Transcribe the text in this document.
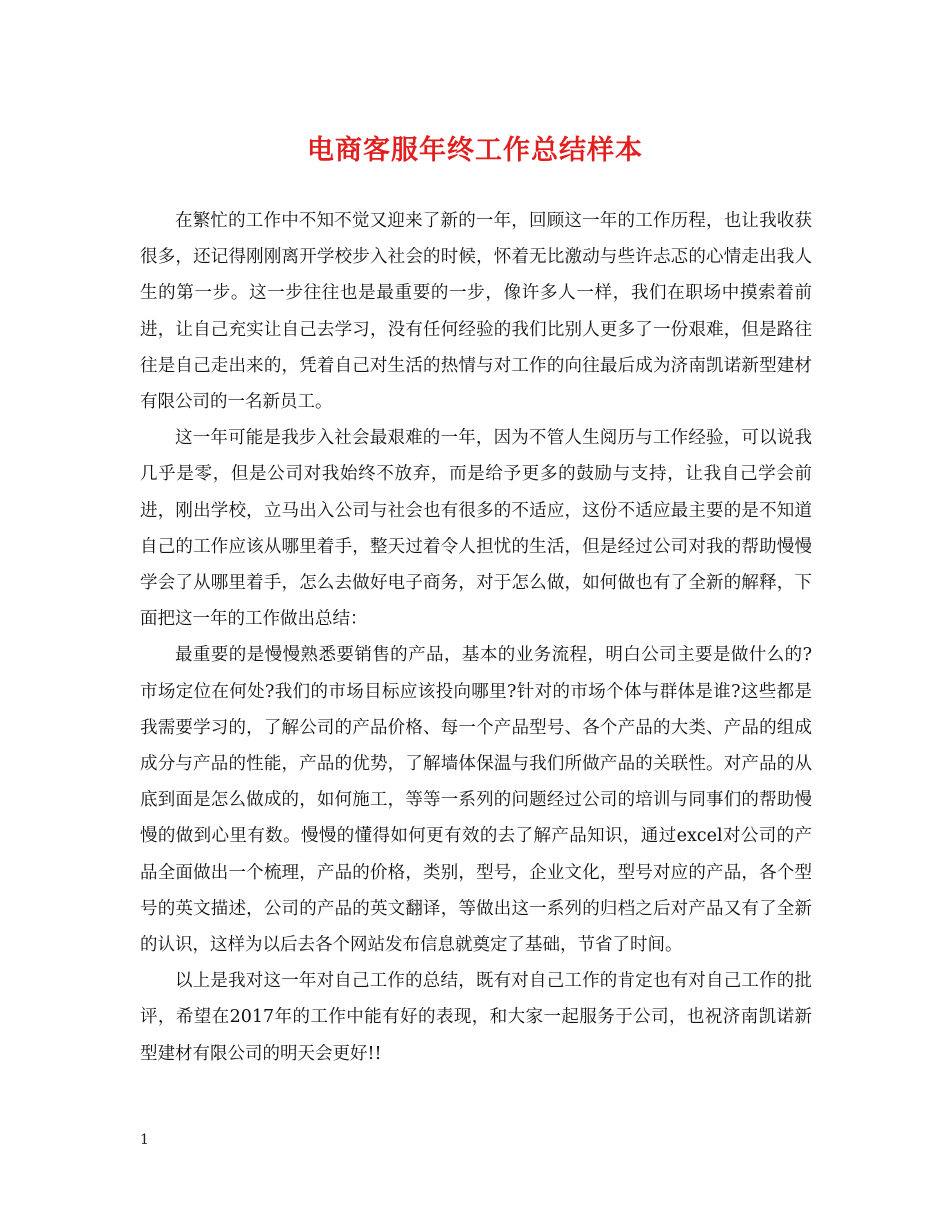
电商客服年终工作总结样本

在繁忙的工作中不知不觉又迎来了新的一年，回顾这一年的工作历程，也让我收获很多，还记得刚刚离开学校步入社会的时候，怀着无比激动与些许忐忑的心情走出我人生的第一步。这一步往往也是最重要的一步，像许多人一样，我们在职场中摸索着前进，让自己充实让自己去学习，没有任何经验的我们比别人更多了一份艰难，但是路往往是自己走出来的，凭着自己对生活的热情与对工作的向往最后成为济南凯诺新型建材有限公司的一名新员工。

这一年可能是我步入社会最艰难的一年，因为不管人生阅历与工作经验，可以说我几乎是零，但是公司对我始终不放弃，而是给予更多的鼓励与支持，让我自己学会前进，刚出学校，立马出入公司与社会也有很多的不适应，这份不适应最主要的是不知道自己的工作应该从哪里着手，整天过着令人担忧的生活，但是经过公司对我的帮助慢慢学会了从哪里着手，怎么去做好电子商务，对于怎么做，如何做也有了全新的解释，下面把这一年的工作做出总结：

最重要的是慢慢熟悉要销售的产品，基本的业务流程，明白公司主要是做什么的?市场定位在何处?我们的市场目标应该投向哪里?针对的市场个体与群体是谁?这些都是我需要学习的，了解公司的产品价格、每一个产品型号、各个产品的大类、产品的组成成分与产品的性能，产品的优势，了解墙体保温与我们所做产品的关联性。对产品的从底到面是怎么做成的，如何施工，等等一系列的问题经过公司的培训与同事们的帮助慢慢的做到心里有数。慢慢的懂得如何更有效的去了解产品知识，通过excel对公司的产品全面做出一个梳理，产品的价格，类别，型号，企业文化，型号对应的产品，各个型号的英文描述，公司的产品的英文翻译，等做出这一系列的归档之后对产品又有了全新的认识，这样为以后去各个网站发布信息就奠定了基础，节省了时间。

以上是我对这一年对自己工作的总结，既有对自己工作的肯定也有对自己工作的批评，希望在2017年的工作中能有好的表现，和大家一起服务于公司，也祝济南凯诺新型建材有限公司的明天会更好!!

1
